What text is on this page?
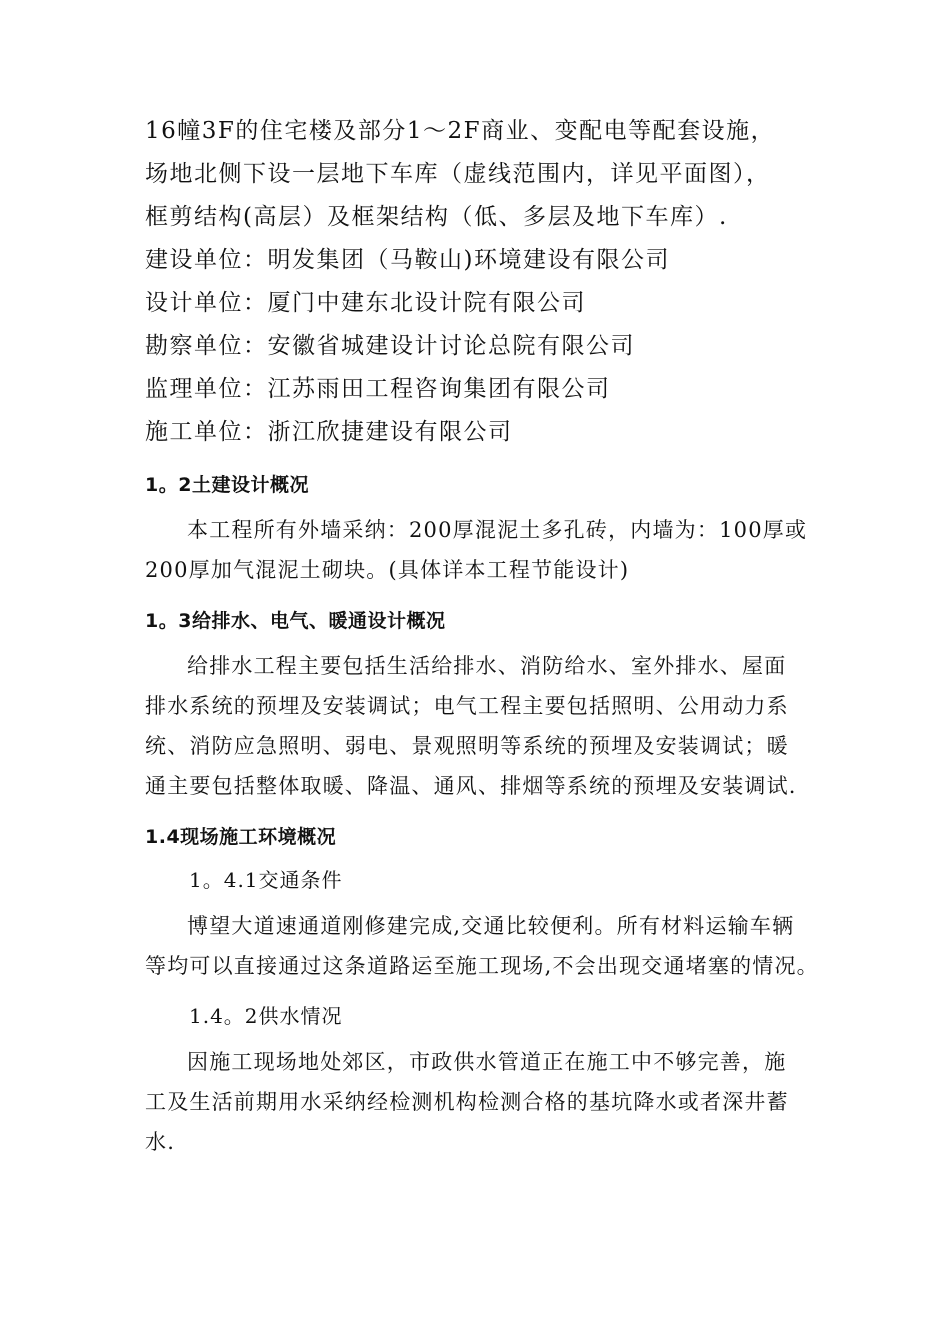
16幢3F的住宅楼及部分1～2F商业、变配电等配套设施，

场地北侧下设一层地下车库（虚线范围内，详见平面图），

框剪结构(高层）及框架结构（低、多层及地下车库）.

建设单位：明发集团（马鞍山)环境建设有限公司

设计单位：厦门中建东北设计院有限公司

勘察单位：安徽省城建设计讨论总院有限公司

监理单位：江苏雨田工程咨询集团有限公司

施工单位：浙江欣捷建设有限公司

1。2土建设计概况

本工程所有外墙采纳：200厚混泥土多孔砖，内墙为：100厚或
200厚加气混泥土砌块。(具体详本工程节能设计)

1。3给排水、电气、暖通设计概况

给排水工程主要包括生活给排水、消防给水、室外排水、屋面
排水系统的预埋及安装调试；电气工程主要包括照明、公用动力系
统、消防应急照明、弱电、景观照明等系统的预埋及安装调试；暖
通主要包括整体取暖、降温、通风、排烟等系统的预埋及安装调试.

1.4现场施工环境概况
1。4.1交通条件

博望大道速通道刚修建完成,交通比较便利。所有材料运输车辆
等均可以直接通过这条道路运至施工现场,不会出现交通堵塞的情况。

1.4。2供水情况

因施工现场地处郊区，市政供水管道正在施工中不够完善，施
工及生活前期用水采纳经检测机构检测合格的基坑降水或者深井蓄
水.
